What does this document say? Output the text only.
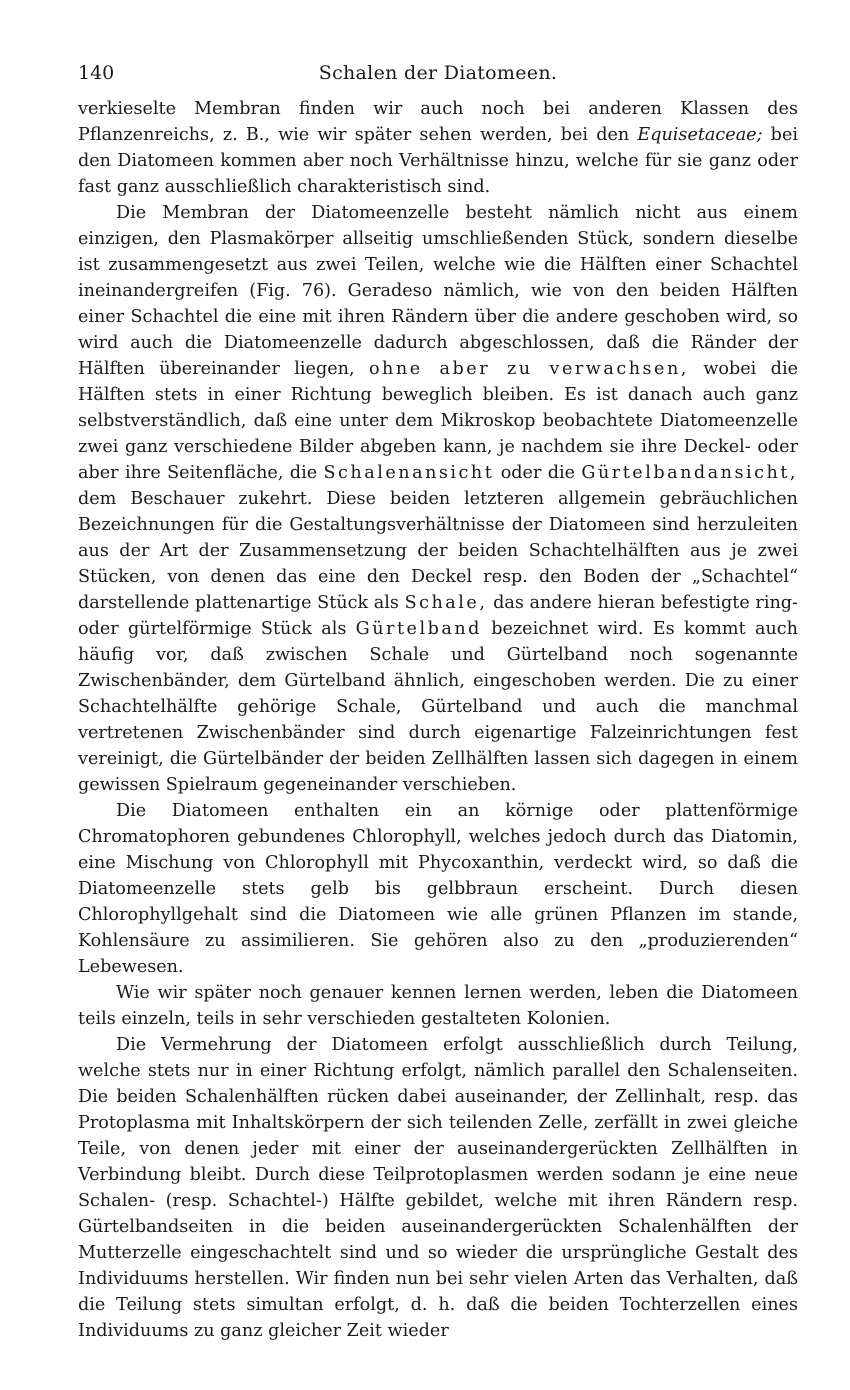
140	Schalen der Diatomeen.

verkieselte Membran finden wir auch noch bei anderen Klassen des Pflanzenreichs, z. B., wie wir später sehen werden, bei den Equisetaceae; bei den Diatomeen kommen aber noch Verhältnisse hinzu, welche für sie ganz oder fast ganz ausschließlich charakteristisch sind.

Die Membran der Diatomeenzelle besteht nämlich nicht aus einem einzigen, den Plasmakörper allseitig umschließenden Stück, sondern dieselbe ist zusammengesetzt aus zwei Teilen, welche wie die Hälften einer Schachtel ineinandergreifen (Fig. 76). Geradeso nämlich, wie von den beiden Hälften einer Schachtel die eine mit ihren Rändern über die andere geschoben wird, so wird auch die Diatomeenzelle dadurch abgeschlossen, daß die Ränder der Hälften übereinander liegen, ohne aber zu verwachsen, wobei die Hälften stets in einer Richtung beweglich bleiben. Es ist danach auch ganz selbstverständlich, daß eine unter dem Mikroskop beobachtete Diatomeenzelle zwei ganz verschiedene Bilder abgeben kann, je nachdem sie ihre Deckel- oder aber ihre Seitenfläche, die Schalenansicht oder die Gürtelbandansicht, dem Beschauer zukehrt. Diese beiden letzteren allgemein gebräuchlichen Bezeichnungen für die Gestaltungsverhältnisse der Diatomeen sind herzuleiten aus der Art der Zusammensetzung der beiden Schachtelhälften aus je zwei Stücken, von denen das eine den Deckel resp. den Boden der „Schachtel“ darstellende plattenartige Stück als Schale, das andere hieran befestigte ring- oder gürtelförmige Stück als Gürtelband bezeichnet wird. Es kommt auch häufig vor, daß zwischen Schale und Gürtelband noch sogenannte Zwischenbänder, dem Gürtelband ähnlich, eingeschoben werden. Die zu einer Schachtelhälfte gehörige Schale, Gürtelband und auch die manchmal vertretenen Zwischenbänder sind durch eigenartige Falzeinrichtungen fest vereinigt, die Gürtelbänder der beiden Zellhälften lassen sich dagegen in einem gewissen Spielraum gegeneinander verschieben.

Die Diatomeen enthalten ein an körnige oder plattenförmige Chromatophoren gebundenes Chlorophyll, welches jedoch durch das Diatomin, eine Mischung von Chlorophyll mit Phycoxanthin, verdeckt wird, so daß die Diatomeenzelle stets gelb bis gelbbraun erscheint. Durch diesen Chlorophyllgehalt sind die Diatomeen wie alle grünen Pflanzen im stande, Kohlensäure zu assimilieren. Sie gehören also zu den „produzierenden“ Lebewesen.

Wie wir später noch genauer kennen lernen werden, leben die Diatomeen teils einzeln, teils in sehr verschieden gestalteten Kolonien.

Die Vermehrung der Diatomeen erfolgt ausschließlich durch Teilung, welche stets nur in einer Richtung erfolgt, nämlich parallel den Schalenseiten. Die beiden Schalenhälften rücken dabei auseinander, der Zellinhalt, resp. das Protoplasma mit Inhaltskörpern der sich teilenden Zelle, zerfällt in zwei gleiche Teile, von denen jeder mit einer der auseinandergerückten Zellhälften in Verbindung bleibt. Durch diese Teilprotoplasmen werden sodann je eine neue Schalen- (resp. Schachtel-) Hälfte gebildet, welche mit ihren Rändern resp. Gürtelbandseiten in die beiden auseinandergerückten Schalenhälften der Mutterzelle eingeschachtelt sind und so wieder die ursprüngliche Gestalt des Individuums herstellen. Wir finden nun bei sehr vielen Arten das Verhalten, daß die Teilung stets simultan erfolgt, d. h. daß die beiden Tochterzellen eines Individuums zu ganz gleicher Zeit wieder
